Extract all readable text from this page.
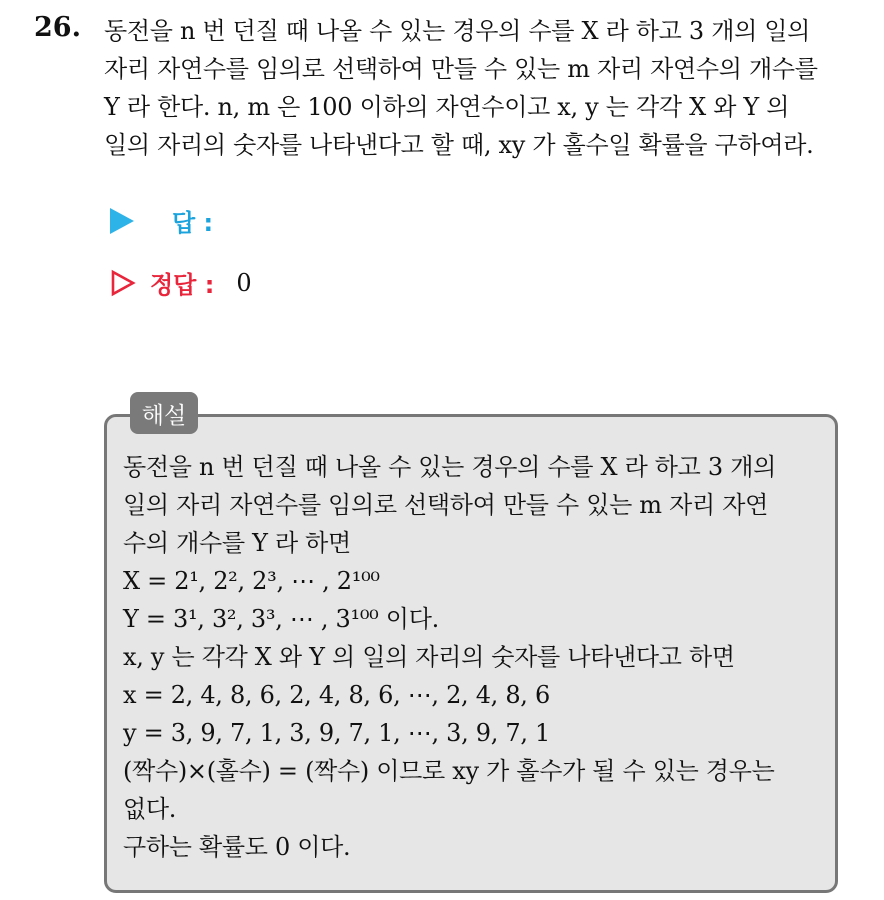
26. 동전을 n 번 던질 때 나올 수 있는 경우의 수를 X 라 하고 3 개의 일의
자리 자연수를 임의로 선택하여 만들 수 있는 m 자리 자연수의 개수를
Y 라 한다. n, m 은 100 이하의 자연수이고 x, y 는 각각 X 와 Y 의
일의 자리의 숫자를 나타낸다고 할 때, xy 가 홀수일 확률을 구하여라.
답 :
정답 : 0
해설
동전을 n 번 던질 때 나올 수 있는 경우의 수를 X 라 하고 3 개의
일의 자리 자연수를 임의로 선택하여 만들 수 있는 m 자리 자연
수의 개수를 Y 라 하면
X = 2¹, 2², 2³, ⋯ , 2¹⁰⁰
Y = 3¹, 3², 3³, ⋯ , 3¹⁰⁰ 이다.
x, y 는 각각 X 와 Y 의 일의 자리의 숫자를 나타낸다고 하면
x = 2, 4, 8, 6, 2, 4, 8, 6, ⋯, 2, 4, 8, 6
y = 3, 9, 7, 1, 3, 9, 7, 1, ⋯, 3, 9, 7, 1
(짝수)×(홀수) = (짝수) 이므로 xy 가 홀수가 될 수 있는 경우는
없다.
구하는 확률도 0 이다.
